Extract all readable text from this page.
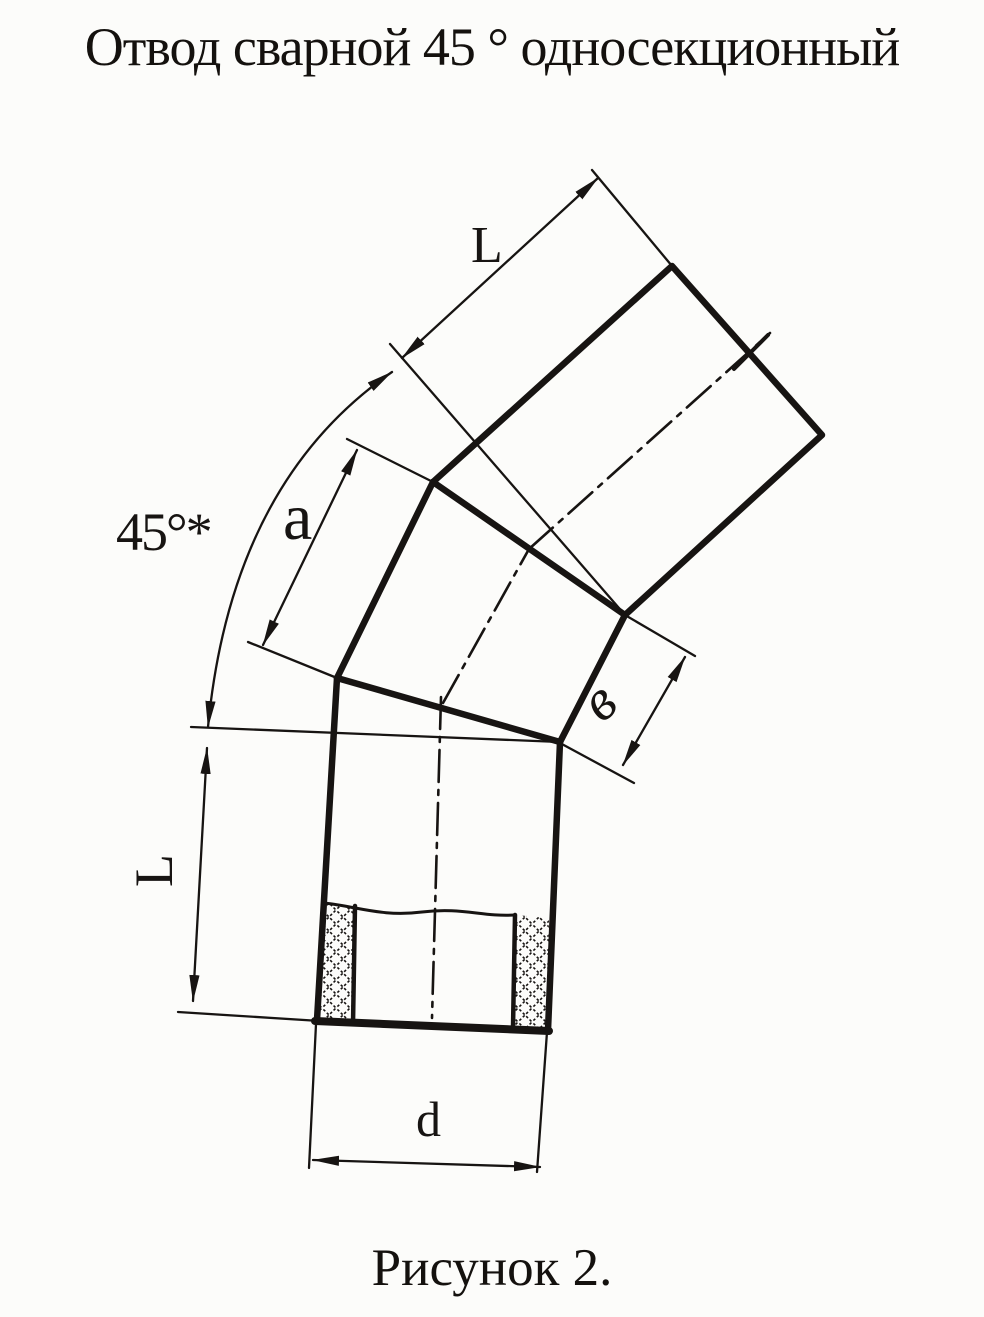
Отвод сварной 45 ° односекционный
L
45°* a
в
L
d
Рисунок 2.
